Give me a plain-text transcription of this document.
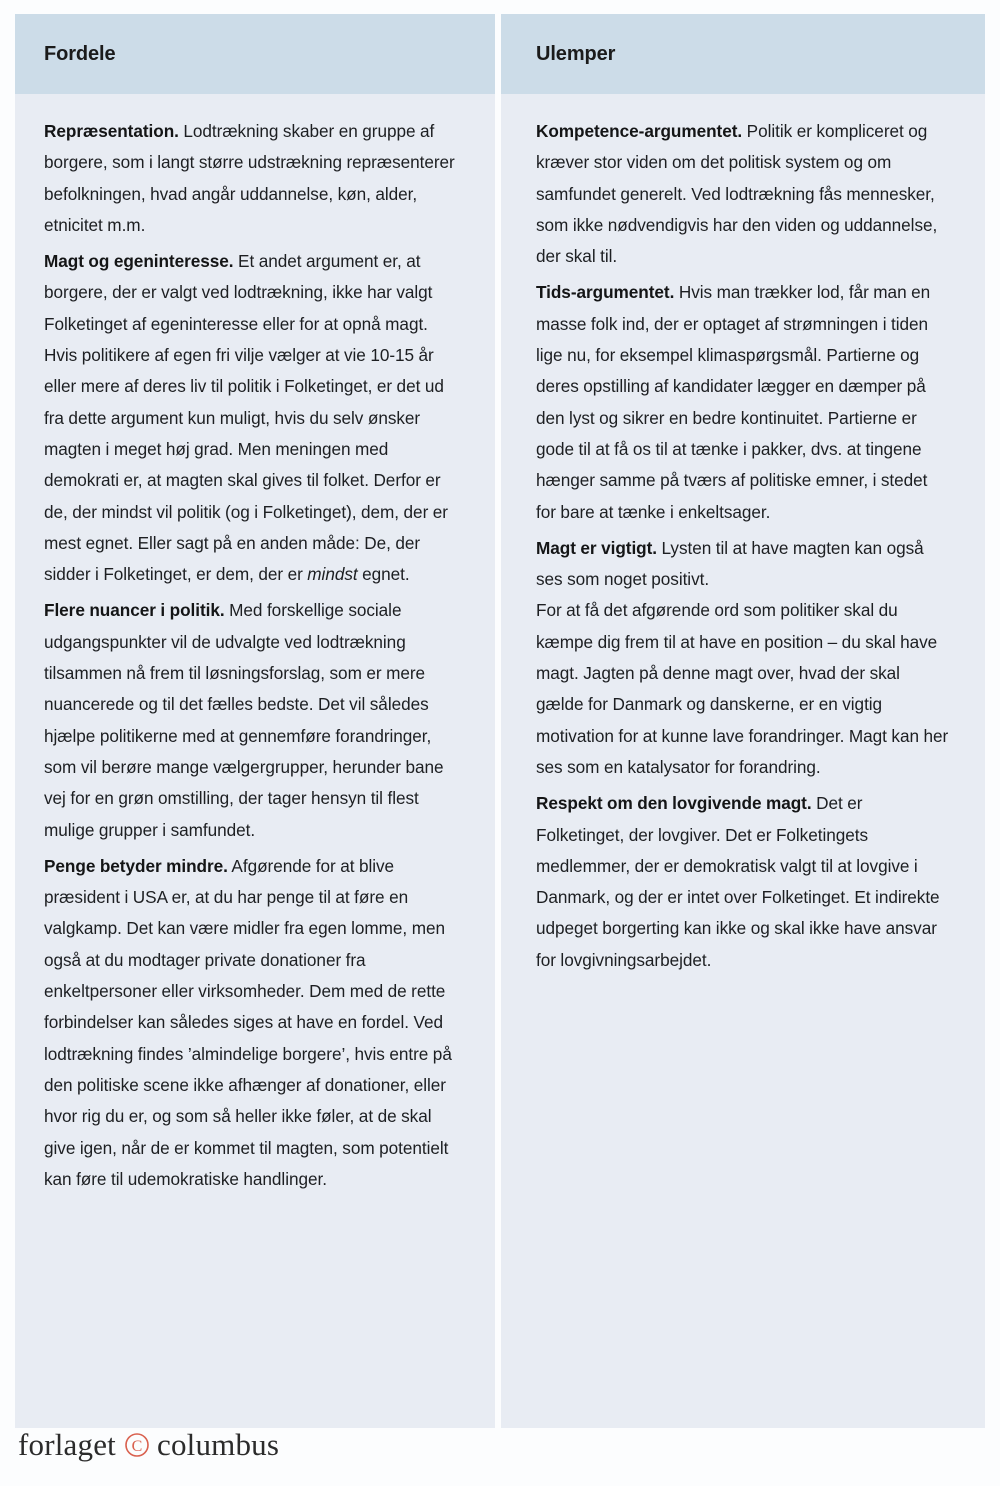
Fordele	Ulemper

Repræsentation. Lodtrækning skaber en gruppe af borgere, som i langt større udstrækning repræsenterer befolkningen, hvad angår uddannelse, køn, alder, etnicitet m.m.

Magt og egeninteresse. Et andet argument er, at borgere, der er valgt ved lodtrækning, ikke har valgt Folketinget af egeninteresse eller for at opnå magt. Hvis politikere af egen fri vilje vælger at vie 10-15 år eller mere af deres liv til politik i Folketinget, er det ud fra dette argument kun muligt, hvis du selv ønsker magten i meget høj grad. Men meningen med demokrati er, at magten skal gives til folket. Derfor er de, der mindst vil politik (og i Folketinget), dem, der er mest egnet. Eller sagt på en anden måde: De, der sidder i Folketinget, er dem, der er mindst egnet.

Flere nuancer i politik. Med forskellige sociale udgangspunkter vil de udvalgte ved lodtrækning tilsammen nå frem til løsningsforslag, som er mere nuancerede og til det fælles bedste. Det vil således hjælpe politikerne med at gennemføre forandringer, som vil berøre mange vælgergrupper, herunder bane vej for en grøn omstilling, der tager hensyn til flest mulige grupper i samfundet.

Penge betyder mindre. Afgørende for at blive præsident i USA er, at du har penge til at føre en valgkamp. Det kan være midler fra egen lomme, men også at du modtager private donationer fra enkeltpersoner eller virksomheder. Dem med de rette forbindelser kan således siges at have en fordel. Ved lodtrækning findes ’almindelige borgere’, hvis entre på den politiske scene ikke afhænger af donationer, eller hvor rig du er, og som så heller ikke føler, at de skal give igen, når de er kommet til magten, som potentielt kan føre til udemokratiske handlinger.

Kompetence-argumentet. Politik er kompliceret og kræver stor viden om det politisk system og om samfundet generelt. Ved lodtrækning fås mennesker, som ikke nødvendigvis har den viden og uddannelse, der skal til.

Tids-argumentet. Hvis man trækker lod, får man en masse folk ind, der er optaget af strømningen i tiden lige nu, for eksempel klimaspørgsmål. Partierne og deres opstilling af kandidater lægger en dæmper på den lyst og sikrer en bedre kontinuitet. Partierne er gode til at få os til at tænke i pakker, dvs. at tingene hænger samme på tværs af politiske emner, i stedet for bare at tænke i enkeltsager.

Magt er vigtigt. Lysten til at have magten kan også ses som noget positivt.
For at få det afgørende ord som politiker skal du kæmpe dig frem til at have en position – du skal have magt. Jagten på denne magt over, hvad der skal gælde for Danmark og danskerne, er en vigtig motivation for at kunne lave forandringer. Magt kan her ses som en katalysator for forandring.

Respekt om den lovgivende magt. Det er Folketinget, der lovgiver. Det er Folketingets medlemmer, der er demokratisk valgt til at lovgive i Danmark, og der er intet over Folketinget. Et indirekte udpeget borgerting kan ikke og skal ikke have ansvar for lovgivningsarbejdet.

forlaget C columbus
